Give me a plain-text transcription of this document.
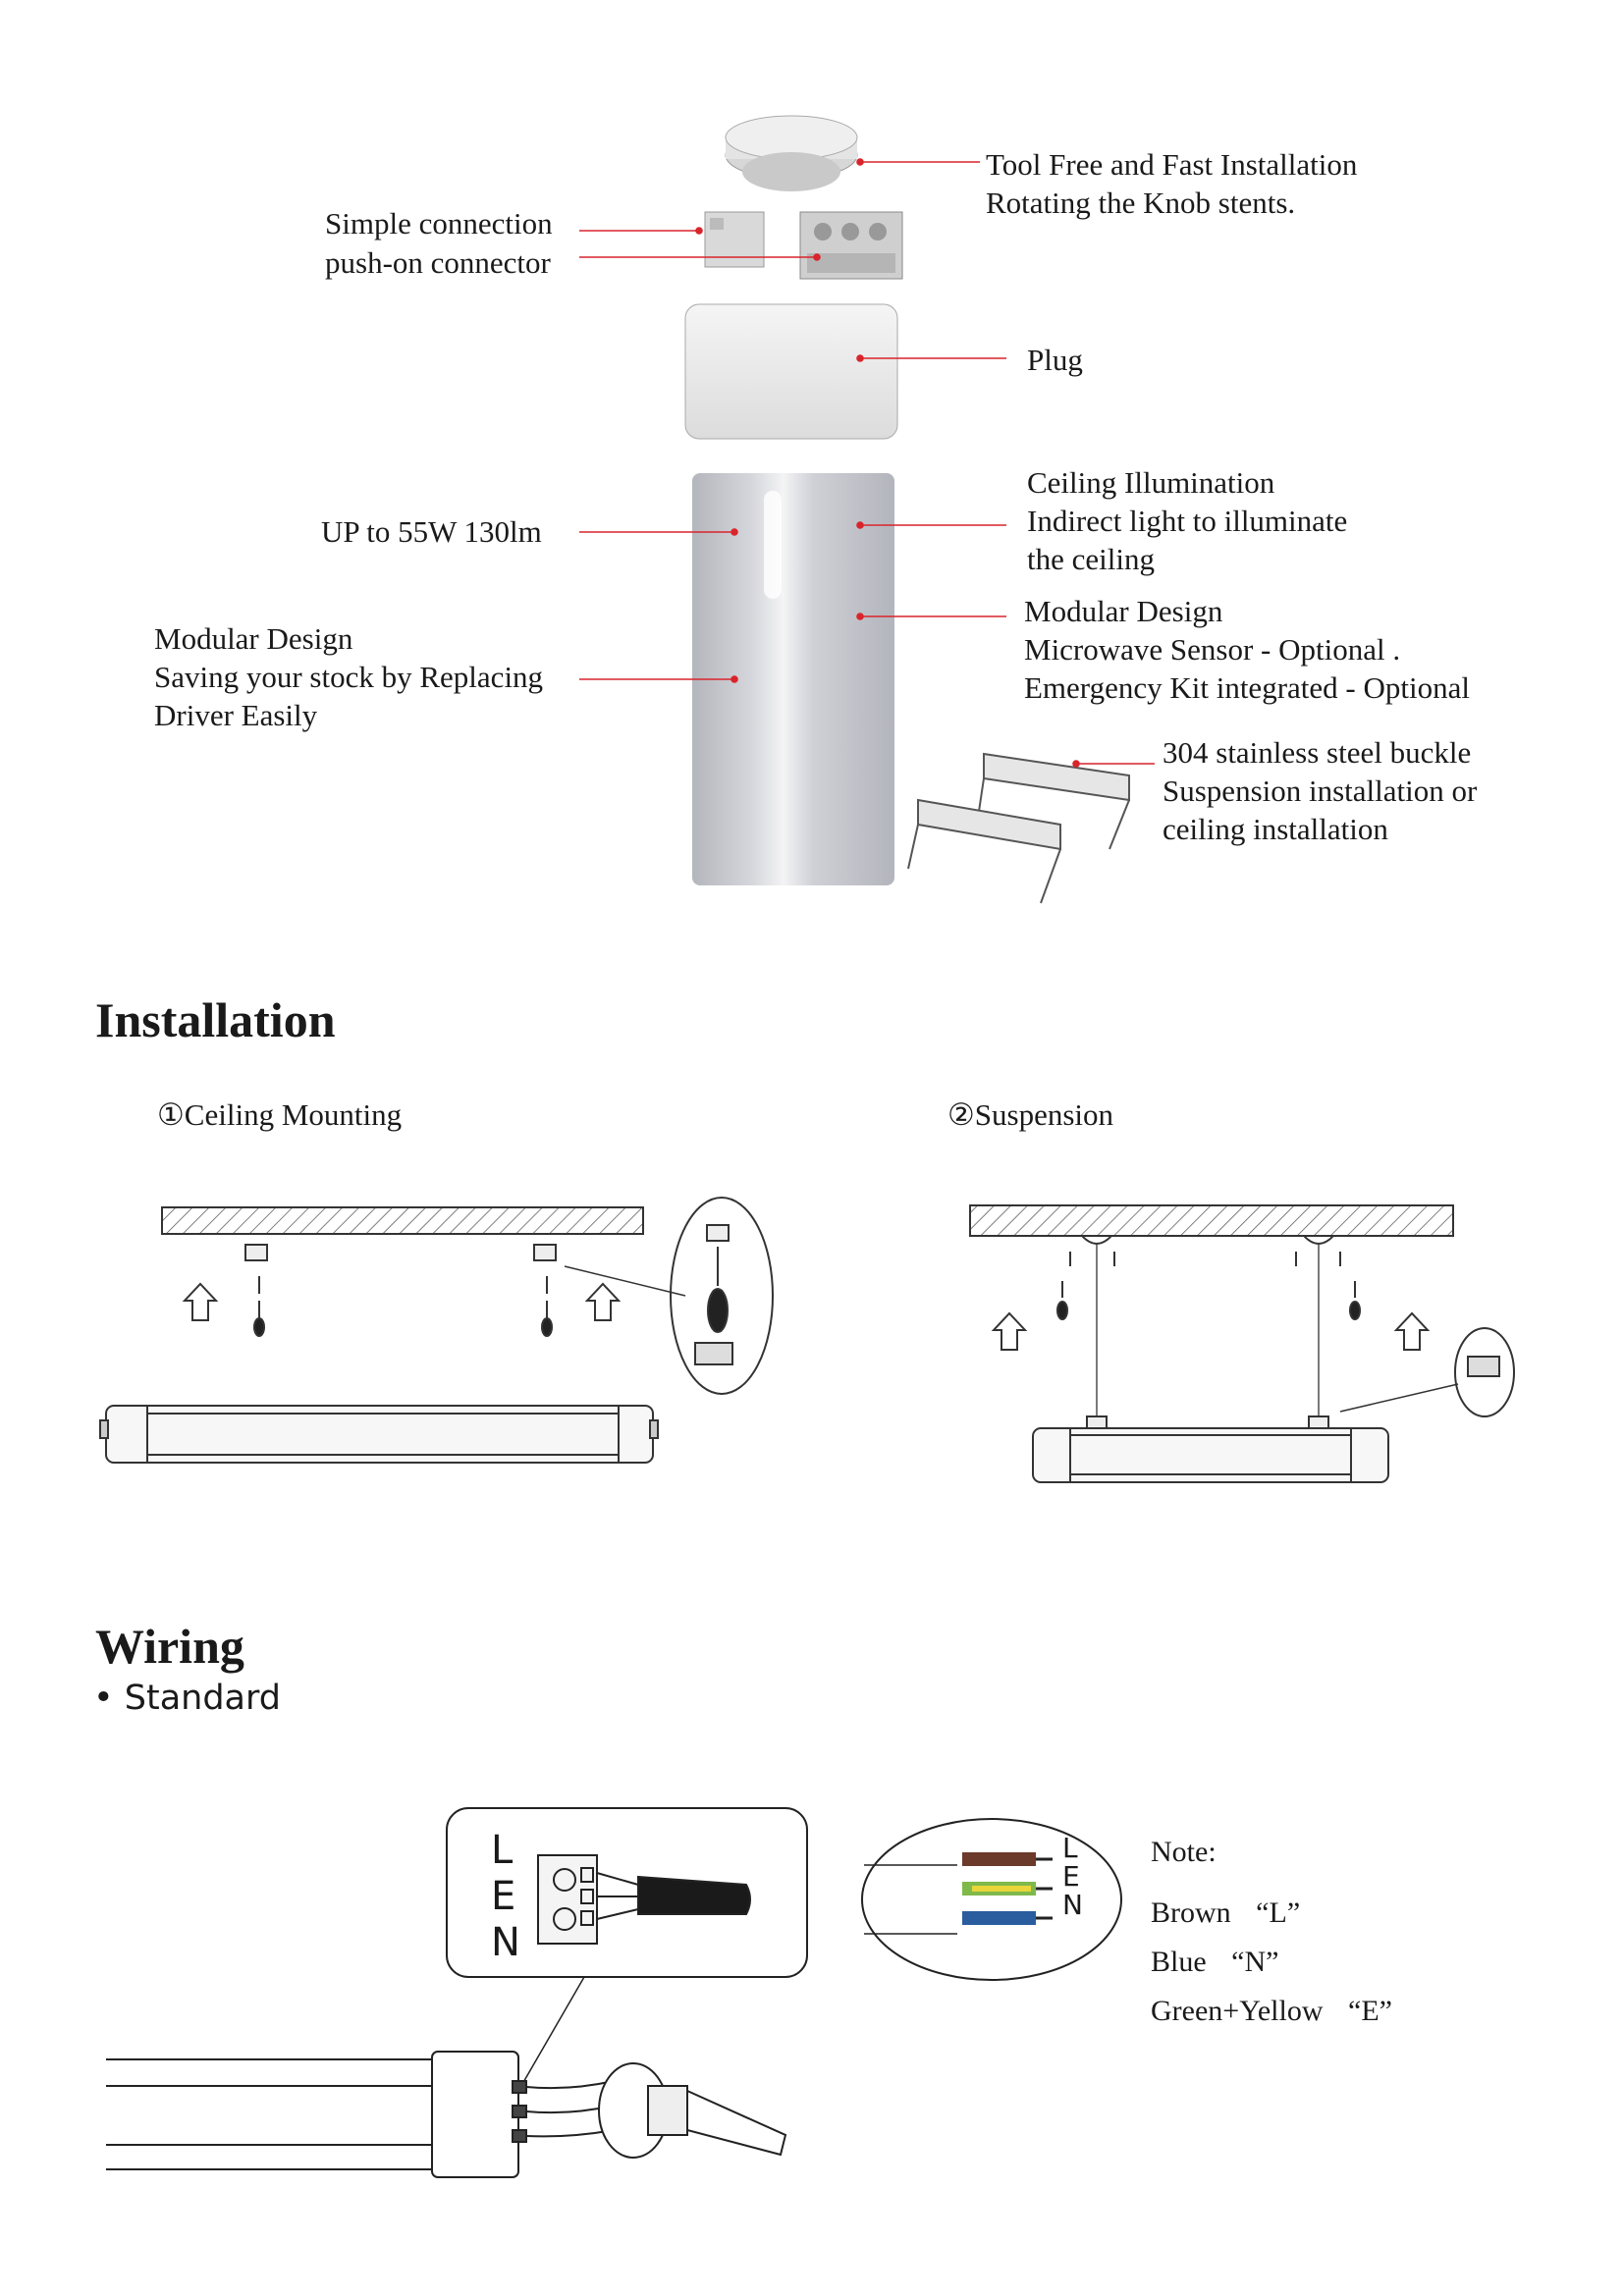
Tool Free and Fast Installation
Rotating the Knob stents.
Simple connection
push-on connector
Plug
UP to 55W 130lm
Ceiling Illumination
Indirect light to illuminate
the ceiling
Modular Design
Saving your stock by Replacing
Driver Easily
Modular Design
Microwave Sensor - Optional .
Emergency Kit integrated - Optional
304 stainless steel buckle
Suspension installation or
ceiling installation
Installation
①Ceiling Mounting	②Suspension
Wiring
• Standard
L
E
N
L
E
N
Note:
Brown “L”
Blue “N”
Green+Yellow “E”
